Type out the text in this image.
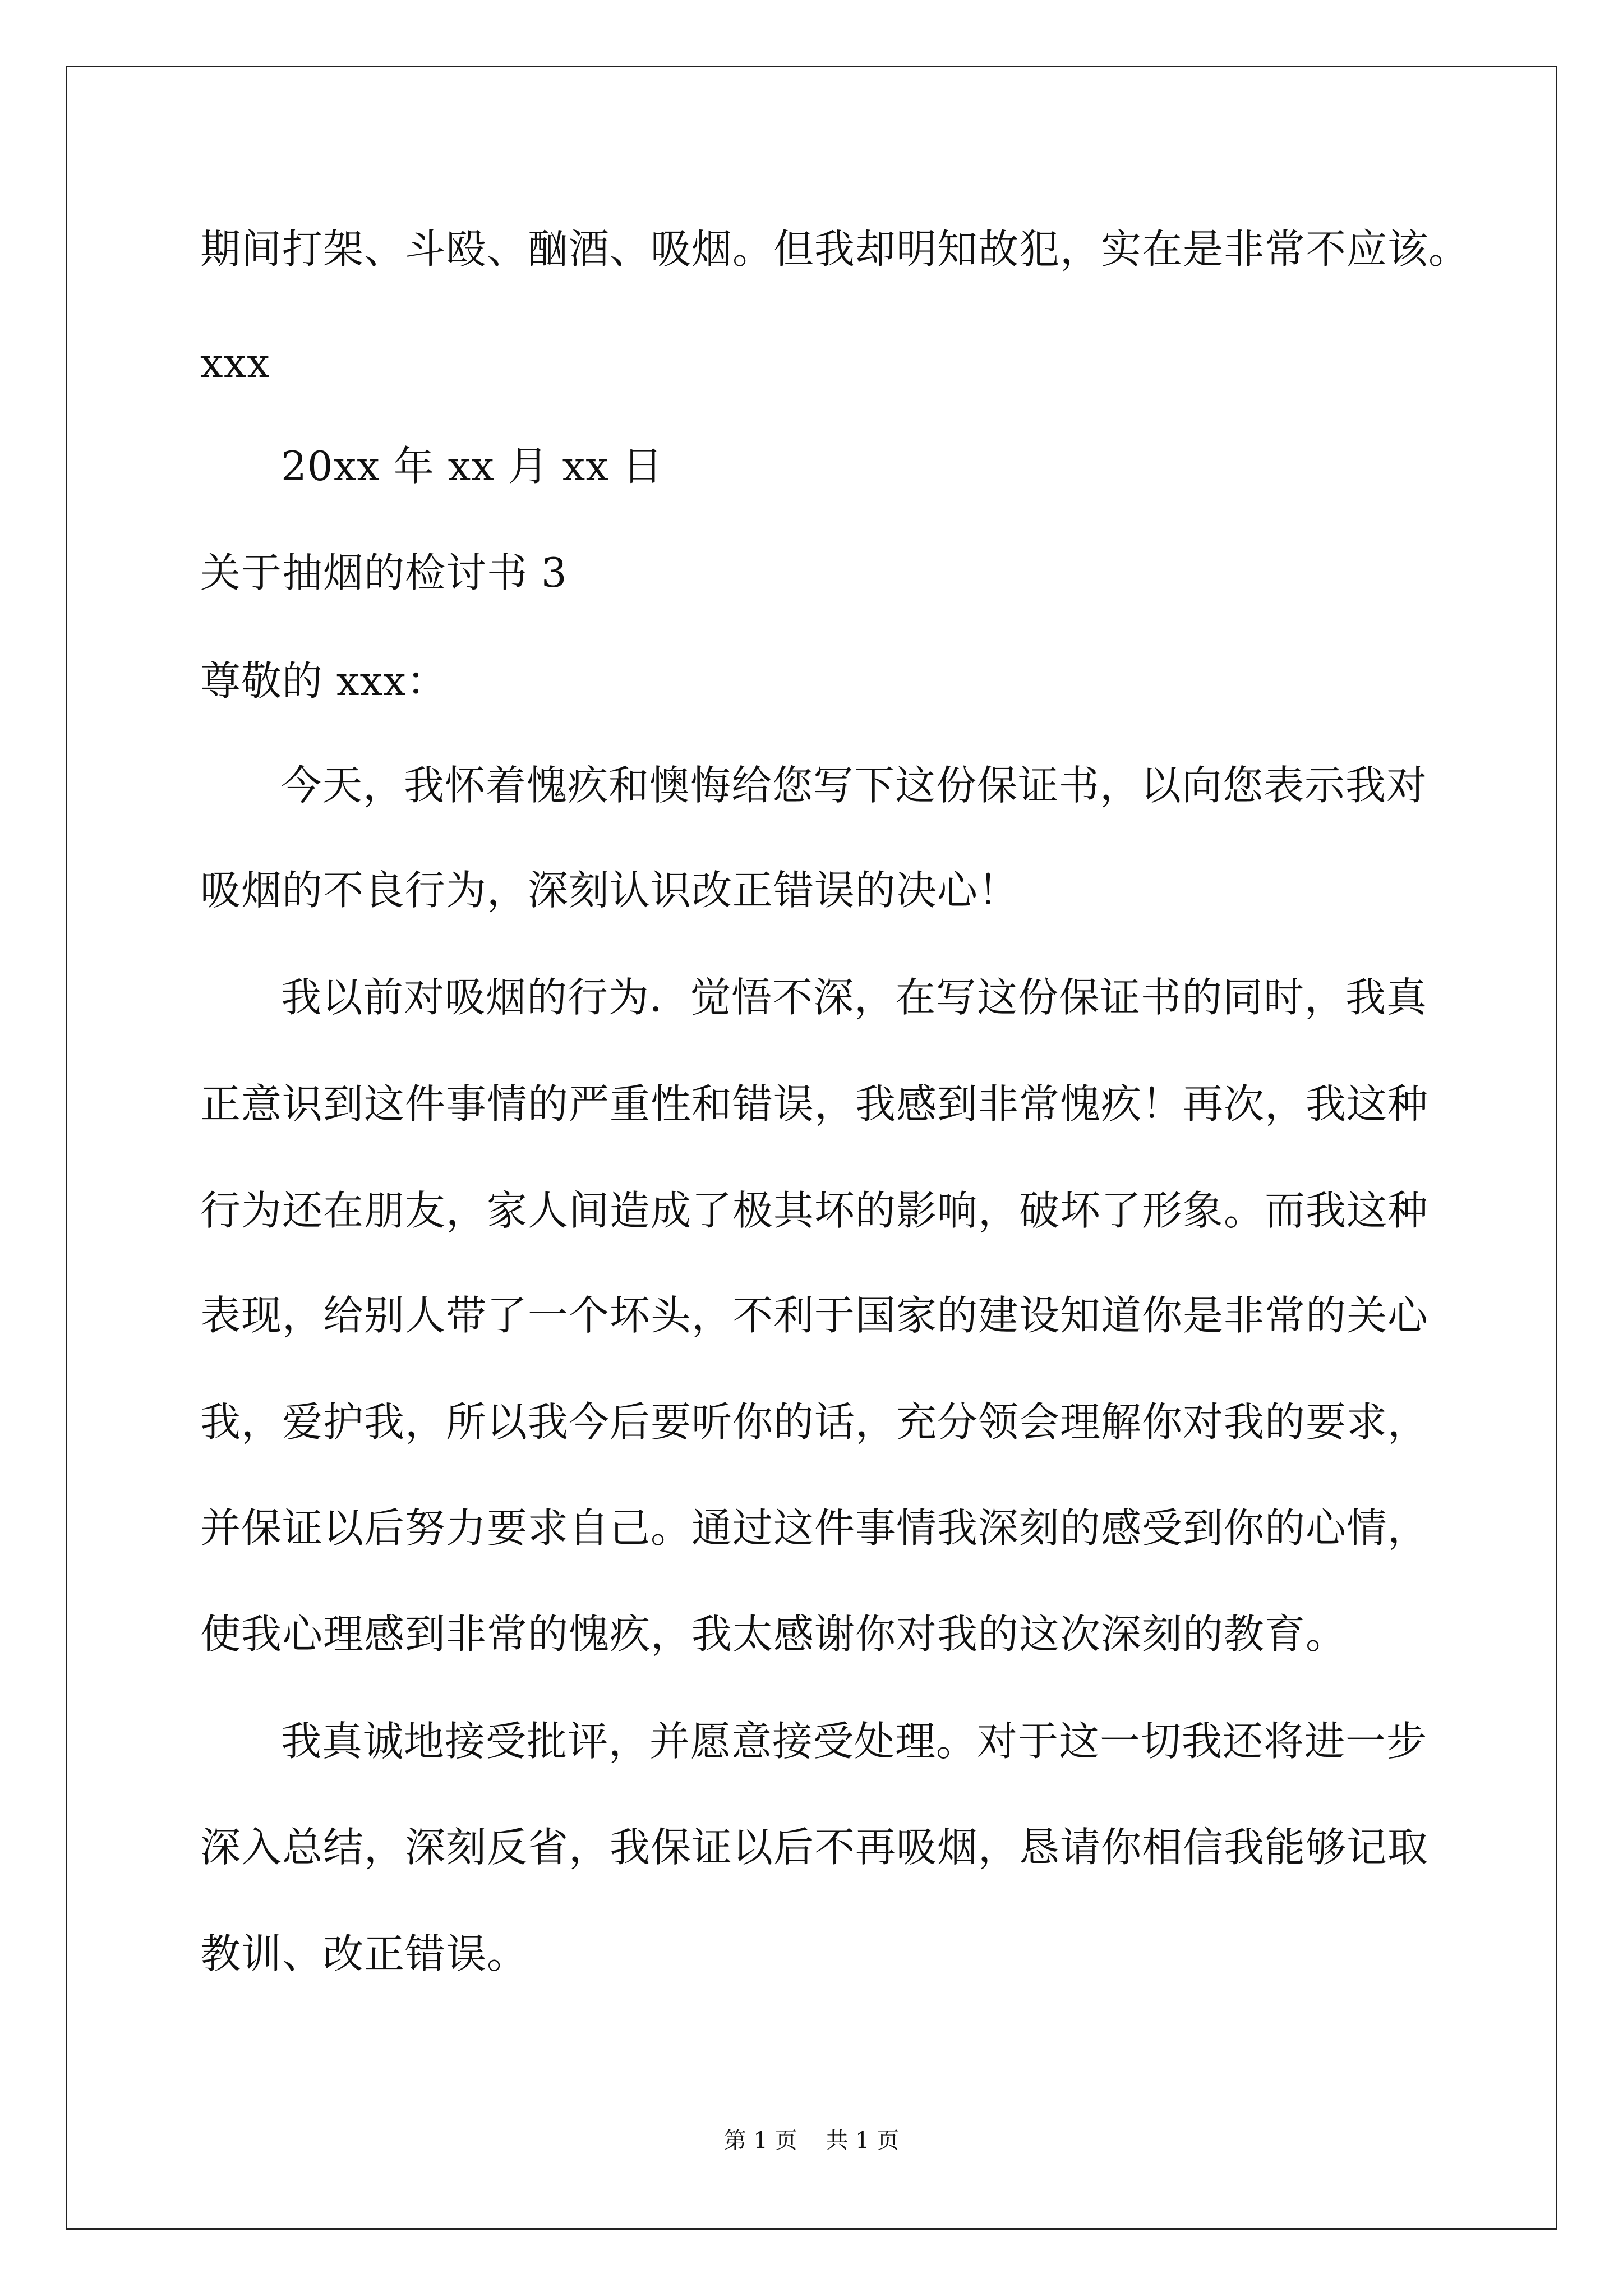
期间打架、斗殴、酗酒、吸烟。但我却明知故犯，实在是非常不应该。
xxx
20xx 年 xx 月 xx 日
关于抽烟的检讨书 3
尊敬的 xxx：
今天，我怀着愧疚和懊悔给您写下这份保证书，以向您表示我对
吸烟的不良行为，深刻认识改正错误的决心！
我以前对吸烟的行为．觉悟不深，在写这份保证书的同时，我真
正意识到这件事情的严重性和错误，我感到非常愧疚！再次，我这种
行为还在朋友，家人间造成了极其坏的影响，破坏了形象。而我这种
表现，给别人带了一个坏头，不利于国家的建设知道你是非常的关心
我，爱护我，所以我今后要听你的话，充分领会理解你对我的要求，
并保证以后努力要求自己。通过这件事情我深刻的感受到你的心情，
使我心理感到非常的愧疚，我太感谢你对我的这次深刻的教育。
我真诚地接受批评，并愿意接受处理。对于这一切我还将进一步
深入总结，深刻反省，我保证以后不再吸烟，恳请你相信我能够记取
教训、改正错误。
第 1 页    共 1 页
